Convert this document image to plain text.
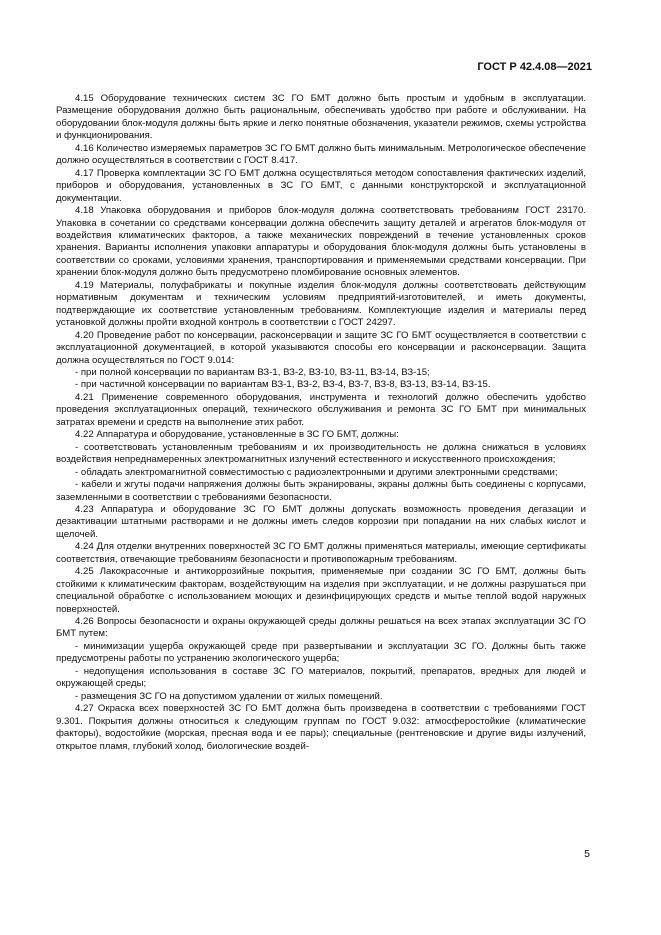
ГОСТ Р 42.4.08—2021

4.15 Оборудование технических систем ЗС ГО БМТ должно быть простым и удобным в эксплуатации. Размещение оборудования должно быть рациональным, обеспечивать удобство при работе и обслуживании. На оборудовании блок-модуля должны быть яркие и легко понятные обозначения, указатели режимов, схемы устройства и функционирования.

4.16 Количество измеряемых параметров ЗС ГО БМТ должно быть минимальным. Метрологическое обеспечение должно осуществляться в соответствии с ГОСТ 8.417.

4.17 Проверка комплектации ЗС ГО БМТ должна осуществляться методом сопоставления фактических изделий, приборов и оборудования, установленных в ЗС ГО БМТ, с данными конструкторской и эксплуатационной документации.

4.18 Упаковка оборудования и приборов блок-модуля должна соответствовать требованиям ГОСТ 23170. Упаковка в сочетании со средствами консервации должна обеспечить защиту деталей и агрегатов блок-модуля от воздействия климатических факторов, а также механических повреждений в течение установленных сроков хранения. Варианты исполнения упаковки аппаратуры и оборудования блок-модуля должны быть установлены в соответствии со сроками, условиями хранения, транспортирования и применяемыми средствами консервации. При хранении блок-модуля должно быть предусмотрено пломбирование основных элементов.

4.19 Материалы, полуфабрикаты и покупные изделия блок-модуля должны соответствовать действующим нормативным документам и техническим условиям предприятий-изготовителей, и иметь документы, подтверждающие их соответствие установленным требованиям. Комплектующие изделия и материалы перед установкой должны пройти входной контроль в соответствии с ГОСТ 24297.

4.20 Проведение работ по консервации, расконсервации и защите ЗС ГО БМТ осуществляется в соответствии с эксплуатационной документацией, в которой указываются способы его консервации и расконсервации. Защита должна осуществляться по ГОСТ 9.014:

- при полной консервации по вариантам ВЗ-1, ВЗ-2, ВЗ-10, ВЗ-11, ВЗ-14, ВЗ-15;

- при частичной консервации по вариантам ВЗ-1, ВЗ-2, ВЗ-4, ВЗ-7, ВЗ-8, ВЗ-13, ВЗ-14, ВЗ-15.

4.21 Применение современного оборудования, инструмента и технологий должно обеспечить удобство проведения эксплуатационных операций, технического обслуживания и ремонта ЗС ГО БМТ при минимальных затратах времени и средств на выполнение этих работ.

4.22 Аппаратура и оборудование, установленные в ЗС ГО БМТ, должны:

- соответствовать установленным требованиям и их производительность не должна снижаться в условиях воздействия непреднамеренных электромагнитных излучений естественного и искусственного происхождения;

- обладать электромагнитной совместимостью с радиоэлектронными и другими электронными средствами;

- кабели и жгуты подачи напряжения должны быть экранированы, экраны должны быть соединены с корпусами, заземленными в соответствии с требованиями безопасности.

4.23 Аппаратура и оборудование ЗС ГО БМТ должны допускать возможность проведения дегазации и дезактивации штатными растворами и не должны иметь следов коррозии при попадании на них слабых кислот и щелочей.

4.24 Для отделки внутренних поверхностей ЗС ГО БМТ должны применяться материалы, имеющие сертификаты соответствия, отвечающие требованиям безопасности и противопожарным требованиям.

4.25 Лакокрасочные и антикоррозийные покрытия, применяемые при создании ЗС ГО БМТ, должны быть стойкими к климатическим факторам, воздействующим на изделия при эксплуатации, и не должны разрушаться при специальной обработке с использованием моющих и дезинфицирующих средств и мытье теплой водой наружных поверхностей.

4.26 Вопросы безопасности и охраны окружающей среды должны решаться на всех этапах эксплуатации ЗС ГО БМТ путем:

- минимизации ущерба окружающей среде при развертывании и эксплуатации ЗС ГО. Должны быть также предусмотрены работы по устранению экологического ущерба;

- недопущения использования в составе ЗС ГО материалов, покрытий, препаратов, вредных для людей и окружающей среды;

- размещения ЗС ГО на допустимом удалении от жилых помещений.

4.27 Окраска всех поверхностей ЗС ГО БМТ должна быть произведена в соответствии с требованиями ГОСТ 9.301. Покрытия должны относиться к следующим группам по ГОСТ 9.032: атмосферостойкие (климатические факторы), водостойкие (морская, пресная вода и ее пары); специальные (рентгеновские и другие виды излучений, открытое пламя, глубокий холод, биологические воздей-

5
